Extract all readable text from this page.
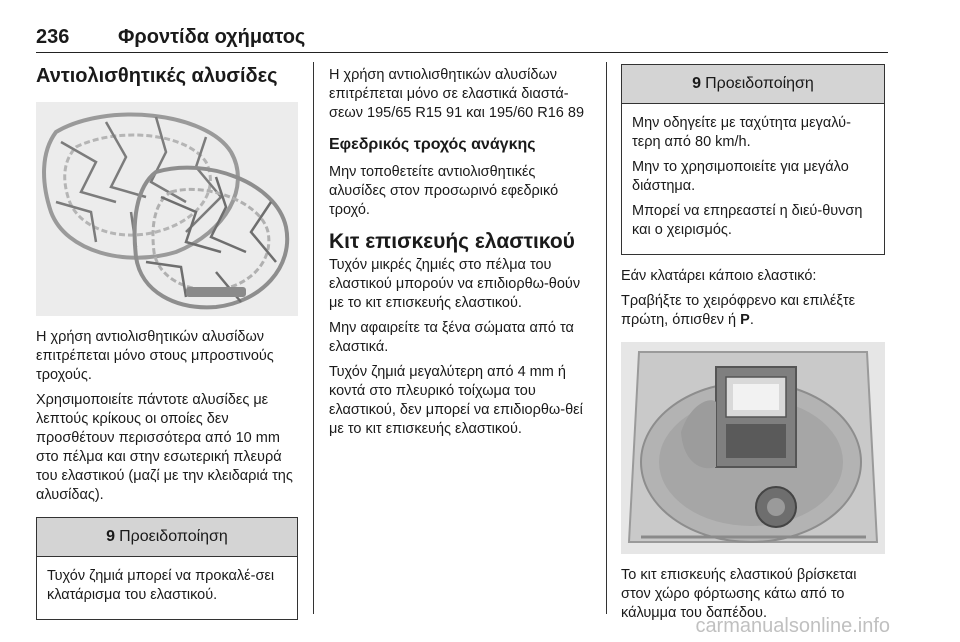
236 Φροντίδα οχήματος
Αντιολισθητικές αλυσίδες

Η χρήση αντιολισθητικών αλυσίδων επιτρέπεται μόνο στους μπροστινούς τροχούς.

Χρησιμοποιείτε πάντοτε αλυσίδες με λεπτούς κρίκους οι οποίες δεν προσθέτουν περισσότερα από 10 mm στο πέλμα και στην εσωτερική πλευρά του ελαστικού (μαζί με την κλειδαριά της αλυσίδας).

9 Προειδοποίηση

Τυχόν ζημιά μπορεί να προκαλέ-σει κλατάρισμα του ελαστικού.

Η χρήση αντιολισθητικών αλυσίδων επιτρέπεται μόνο σε ελαστικά διαστά-σεων 195/65 R15 91 και 195/60 R16 89

Εφεδρικός τροχός ανάγκης

Μην τοποθετείτε αντιολισθητικές αλυσίδες στον προσωρινό εφεδρικό τροχό.

Κιτ επισκευής ελαστικού

Τυχόν μικρές ζημιές στο πέλμα του ελαστικού μπορούν να επιδιορθω-θούν με το κιτ επισκευής ελαστικού.

Μην αφαιρείτε τα ξένα σώματα από τα ελαστικά.

Τυχόν ζημιά μεγαλύτερη από 4 mm ή κοντά στο πλευρικό τοίχωμα του ελαστικού, δεν μπορεί να επιδιορθω-θεί με το κιτ επισκευής ελαστικού.

9 Προειδοποίηση

Μην οδηγείτε με ταχύτητα μεγαλύ-τερη από 80 km/h.

Μην το χρησιμοποιείτε για μεγάλο διάστημα.

Μπορεί να επηρεαστεί η διεύ-θυνση και ο χειρισμός.

Εάν κλατάρει κάποιο ελαστικό:

Τραβήξτε το χειρόφρενο και επιλέξτε πρώτη, όπισθεν ή P.

Το κιτ επισκευής ελαστικού βρίσκεται στον χώρο φόρτωσης κάτω από το κάλυμμα του δαπέδου.

carmanualsonline.info
